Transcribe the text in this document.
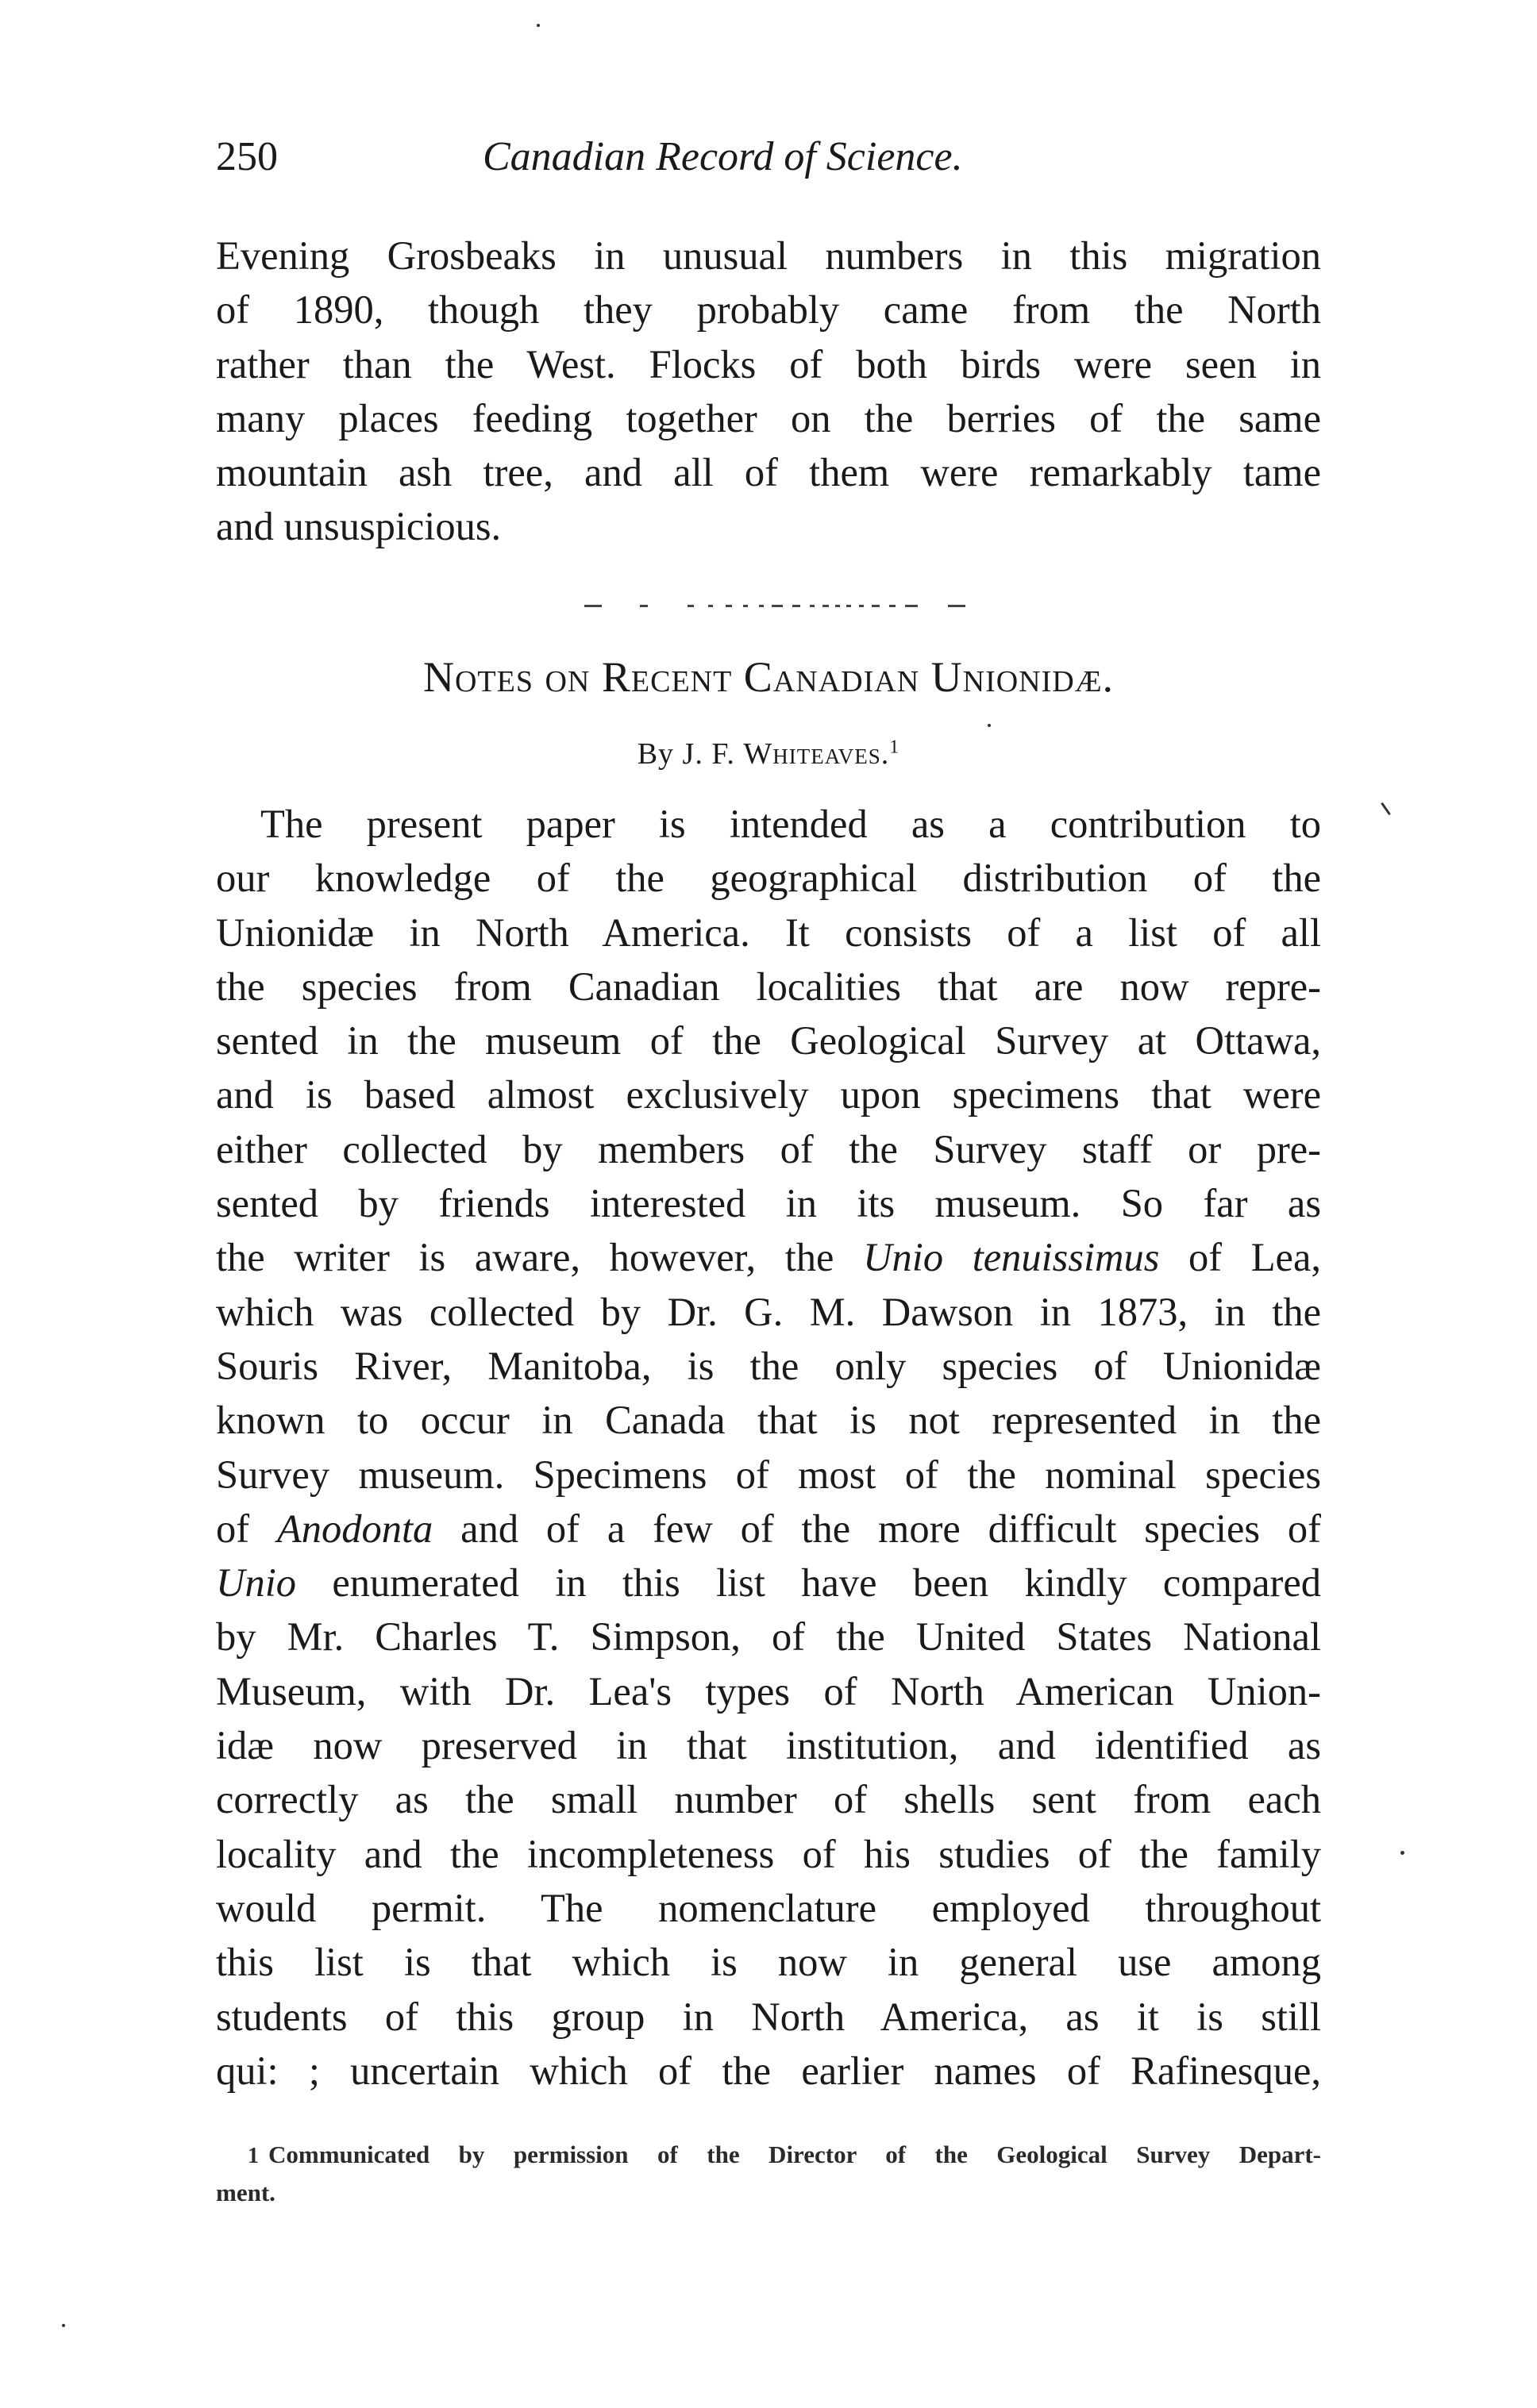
250	Canadian Record of Science.
Evening Grosbeaks in unusual numbers in this migration
of 1890, though they probably came from the North
rather than the West. Flocks of both birds were seen in
many places feeding together on the berries of the same
mountain ash tree, and all of them were remarkably tame
and unsuspicious.
Notes on Recent Canadian Unionidæ.
By J. F. Whiteaves.$^1$
The present paper is intended as a contribution to
our knowledge of the geographical distribution of the
Unionidæ in North America. It consists of a list of all
the species from Canadian localities that are now repre-
sented in the museum of the Geological Survey at Ottawa,
and is based almost exclusively upon specimens that were
either collected by members of the Survey staff or pre-
sented by friends interested in its museum. So far as
the writer is aware, however, the Unio tenuissimus of Lea,
which was collected by Dr. G. M. Dawson in 1873, in the
Souris River, Manitoba, is the only species of Unionidæ
known to occur in Canada that is not represented in the
Survey museum. Specimens of most of the nominal species
of Anodonta and of a few of the more difficult species of
Unio enumerated in this list have been kindly compared
by Mr. Charles T. Simpson, of the United States National
Museum, with Dr. Lea's types of North American Union-
idæ now preserved in that institution, and identified as
correctly as the small number of shells sent from each
locality and the incompleteness of his studies of the family
would permit. The nomenclature employed throughout
this list is that which is now in general use among
students of this group in North America, as it is still
qui: ; uncertain which of the earlier names of Rafinesque,
1 Communicated by permission of the Director of the Geological Survey Depart-
ment.
